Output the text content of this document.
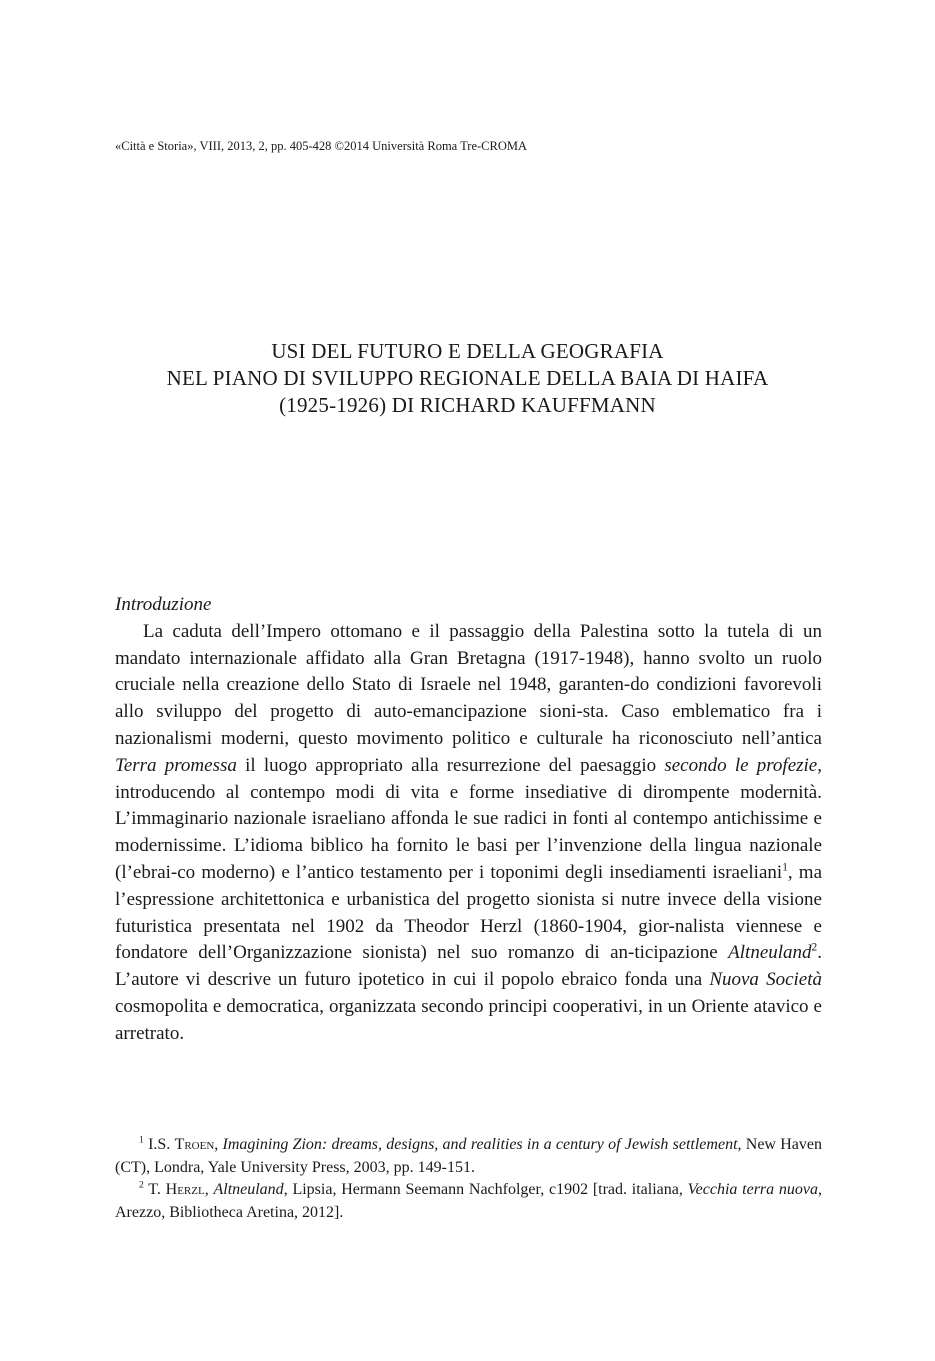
«Città e Storia», VIII, 2013, 2, pp. 405-428 ©2014 Università Roma Tre-CROMA
USI DEL FUTURO E DELLA GEOGRAFIA
NEL PIANO DI SVILUPPO REGIONALE DELLA BAIA DI HAIFA
(1925-1926) DI RICHARD KAUFFMANN
Introduzione

La caduta dell’Impero ottomano e il passaggio della Palestina sotto la tutela di un mandato internazionale affidato alla Gran Bretagna (1917-1948), hanno svolto un ruolo cruciale nella creazione dello Stato di Israele nel 1948, garanten-do condizioni favorevoli allo sviluppo del progetto di auto-emancipazione sioni-sta. Caso emblematico fra i nazionalismi moderni, questo movimento politico e culturale ha riconosciuto nell’antica Terra promessa il luogo appropriato alla resurrezione del paesaggio secondo le profezie, introducendo al contempo modi di vita e forme insediative di dirompente modernità. L’immaginario nazionale israeliano affonda le sue radici in fonti al contempo antichissime e modernissime. L’idioma biblico ha fornito le basi per l’invenzione della lingua nazionale (l’ebrai-co moderno) e l’antico testamento per i toponimi degli insediamenti israeliani$^1$, ma l’espressione architettonica e urbanistica del progetto sionista si nutre invece della visione futuristica presentata nel 1902 da Theodor Herzl (1860-1904, gior-nalista viennese e fondatore dell’Organizzazione sionista) nel suo romanzo di an-ticipazione Altneuland$^2$. L’autore vi descrive un futuro ipotetico in cui il popolo ebraico fonda una Nuova Società cosmopolita e democratica, organizzata secondo principi cooperativi, in un Oriente atavico e arretrato.

$^1$ I.S. Troen, Imagining Zion: dreams, designs, and realities in a century of Jewish settlement, New Haven (CT), Londra, Yale University Press, 2003, pp. 149-151.

$^2$ T. Herzl, Altneuland, Lipsia, Hermann Seemann Nachfolger, c1902 [trad. italiana, Vecchia terra nuova, Arezzo, Bibliotheca Aretina, 2012].
